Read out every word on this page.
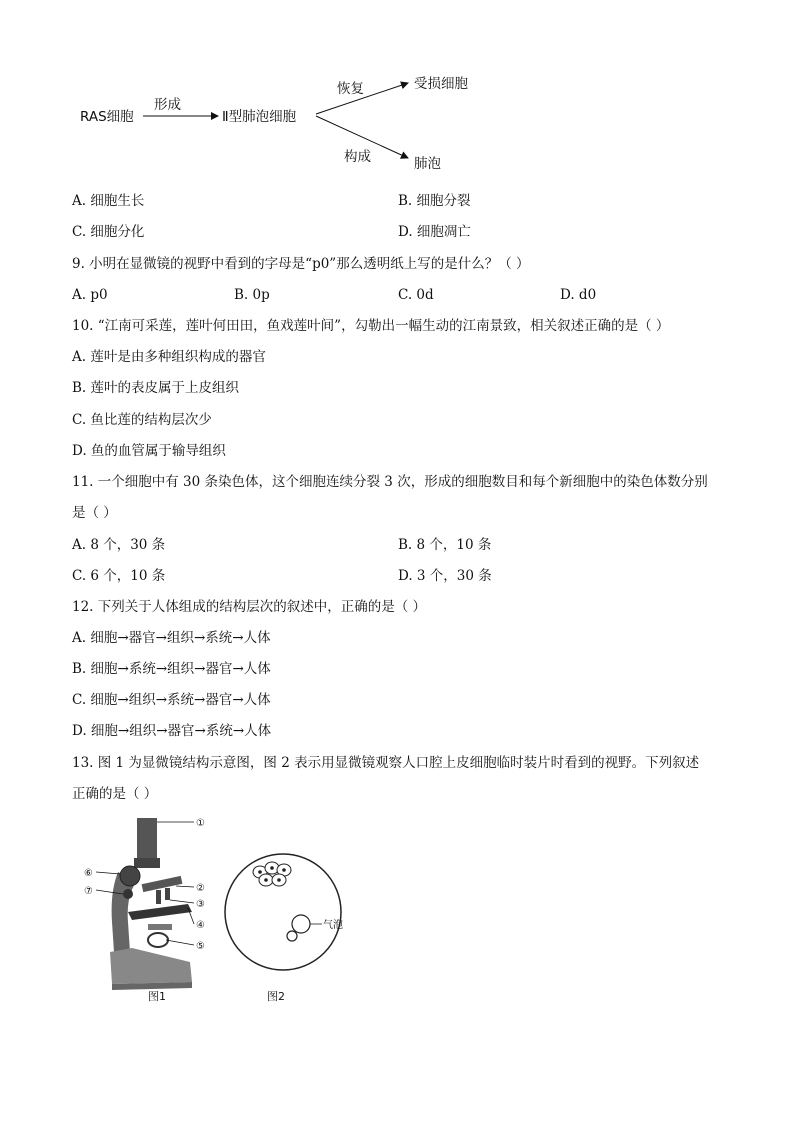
RAS细胞
形成
Ⅱ型肺泡细胞
恢复	受损细胞
构成	肺泡
A. 细胞生长	B. 细胞分裂
C. 细胞分化	D. 细胞凋亡
9. 小明在显微镜的视野中看到的字母是“p0”那么透明纸上写的是什么？（ ）
A. p0	B. 0p	C. 0d	D. d0
10. “江南可采莲，莲叶何田田，鱼戏莲叶间”，勾勒出一幅生动的江南景致，相关叙述正确的是（ ）
A. 莲叶是由多种组织构成的器官
B. 莲叶的表皮属于上皮组织
C. 鱼比莲的结构层次少
D. 鱼的血管属于输导组织
11. 一个细胞中有 30 条染色体，这个细胞连续分裂 3 次，形成的细胞数目和每个新细胞中的染色体数分别
是（ ）
A. 8 个，30 条	B. 8 个，10 条
C. 6 个，10 条	D. 3 个，30 条
12. 下列关于人体组成的结构层次的叙述中，正确的是（ ）
A. 细胞→器官→组织→系统→人体
B. 细胞→系统→组织→器官→人体
C. 细胞→组织→系统→器官→人体
D. 细胞→组织→器官→系统→人体
13. 图 1 为显微镜结构示意图，图 2 表示用显微镜观察人口腔上皮细胞临时装片时看到的视野。下列叙述
正确的是（ ）
①
②
③
④
⑤
⑥
⑦
图1
气泡
图2
